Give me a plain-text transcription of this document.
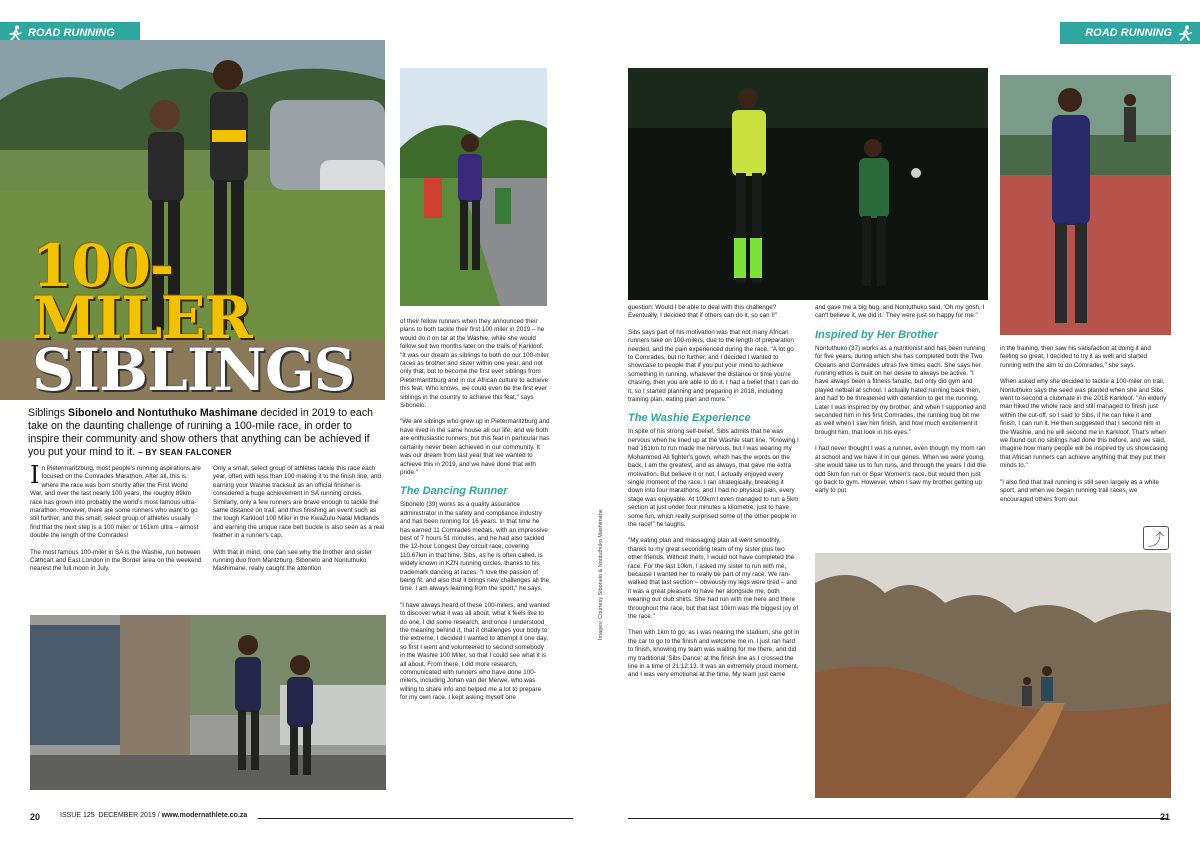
ROAD RUNNING	ROAD RUNNING
100-MILER
SIBLINGS
Siblings Sibonelo and Nontuthuko Mashimane decided in 2019 to each take on the daunting challenge of running a 100-mile race, in order to inspire their community and show others that anything can be achieved if you put your mind to it. – BY SEAN FALCONER

In Pietermaritzburg, most people's running aspirations are focused on the Comrades Marathon. After all, this is where the race was born shortly after the First World War, and over the last nearly 100 years, the roughly 89km race has grown into probably the world's most famous ultra-marathon. However, there are some runners who want to go still further, and this small, select group of athletes usually find that the next step is a 100 miler, or 161km ultra – almost double the length of the Comrades!

The most famous 100-miler in SA is the Washie, run between Cathcart and East London in the Border area on the weekend nearest the full moon in July.

Only a small, select group of athletes tackle this race each year, often with less than 100 making it to the finish line, and earning your Washie tracksuit as an official finisher is considered a huge achievement in SA running circles. Similarly, only a few runners are brave enough to tackle the same distance on trail, and thus finishing an event such as the tough Karkloof 100 Miler in the KwaZulu-Natal Midlands and earning the unique race belt buckle is also seen as a real feather in a runner's cap.

With that in mind, one can see why the brother and sister running duo from Maritzburg, Sibonelo and Nontuthuko Mashimane, really caught the attention

of their fellow runners when they announced their plans to both tackle their first 100 miler in 2019 – he would do it on tar at the Washie, while she would follow suit two months later on the trails of Karkloof. "It was our dream as siblings to both do our 100-miler races as brother and sister within one year, and not only that, but to become the first ever siblings from Pietermaritzburg and in our African culture to achieve this feat. Who knows, we could even be the first ever siblings in the country to achieve this feat," says Sibonelo.

"We are siblings who grew up in Pietermaritzburg and have lived in the same house all our life, and we both are enthusiastic runners, but this feat in particular has certainly never been achieved in our community. It was our dream from last year that we wanted to achieve this in 2019, and we have done that with pride."

The Dancing Runner

Sibonelo (39) works as a quality assurance administrator in the safety and compliance industry and has been running for 16 years. In that time he has earned 11 Comrades medals, with an impressive best of 7 hours 51 minutes, and he had also tackled the 12-hour Longest Day circuit race, covering 110.67km in that time. Sibs, as he is often called, is widely known in KZN running circles, thanks to his trademark dancing at races. "I love the passion of being fit, and also that it brings new challenges all the time. I am always learning from the sport," he says.

"I have always heard of these 100-milers, and wanted to discover what it was all about, what it feels like to do one. I did some research, and once I understood the meaning behind it, that it challenges your body to the extreme, I decided I wanted to attempt it one day, so first I went and volunteered to second somebody in the Washie 100 Miler, so that I could see what it is all about. From there, I did more research, communicated with runners who have done 100-milers, including Johan van der Merwe, who was willing to share info and helped me a lot to prepare for my own race. I kept asking myself one

20	ISSUE 125 DECEMBER 2019 / www.modernathlete.co.za
Images: Courtesy Sibonelo & Nontuthuko Mashimane

question: Would I be able to deal with this challenge? Eventually, I decided that if others can do it, so can I!"

Sibs says part of his motivation was that not many African runners take on 100-milers, due to the length of preparation needed, and the pain experienced during the race. "A lot go to Comrades, but no further, and I decided I wanted to showcase to people that if you put your mind to achieve something in running, whatever the distance or time you're chasing, then you are able to do it. I had a belief that I can do it, so I started planning and preparing in 2018, including training plan, eating plan and more."

The Washie Experience

In spite of his strong self-belief, Sibs admits that he was nervous when he lined up at the Washie start line. "Knowing I had 161km to run made me nervous, but I was wearing my Mohammed Ali fighter's gown, which has the words on the back, I am the greatest, and as always, that gave me extra motivation. But believe it or not, I actually enjoyed every single moment of the race. I ran strategically, breaking it down into four marathons, and I had no physical pain, every stage was enjoyable. At 109km I even managed to run a 5km section at just under four minutes a kilometre, just to have some fun, which really surprised some of the other people in the race!" he laughs.

"My eating plan and massaging plan all went smoothly, thanks to my great seconding team of my sister plus two other friends. Without them, I would not have completed the race. For the last 10km, I asked my sister to run with me, because I wanted her to really be part of my race. We ran-walked that last section – obviously my legs were tired – and it was a great pleasure to have her alongside me, both wearing our club shirts. She had run with me here and there throughout the race, but that last 10km was the biggest joy of the race."

Then with 1km to go, as I was nearing the stadium, she got in the car to go to the finish and welcome me in. I just ran hard to finish, knowing my team was waiting for me there, and did my traditional 'Sibs Dance' at the finish line as I crossed the line in a time of 21:12:13. It was an extremely proud moment, and I was very emotional at the time. My team just came

and gave me a big hug, and Nontuthuko said, 'Oh my gosh, I can't believe it, we did it.' They were just so happy for me."

Inspired by Her Brother

Nontuthuko (37) works as a nutritionist and has been running for five years, during which she has completed both the Two Oceans and Comrades ultras five times each. She says her running ethos is built on her desire to always be active. "I have always been a fitness fanatic, but only did gym and played netball at school. I actually hated running back then, and had to be threatened with detention to get me running. Later I was inspired by my brother, and when I supported and seconded him in his first Comrades, the running bug bit me as well when I saw him finish, and how much excitement it brought him, that look in his eyes."

I had never thought I was a runner, even though my mom ran at school and we have it in our genes. When we were young, she would take us to fun runs, and through the years I did the odd 5km fun run or Spar Women's race, but would then just go back to gym. However, when I saw my brother getting up early to put

in the training, then saw his satisfaction at doing it and feeling so great, I decided to try it as well and started running with the aim to do Comrades," she says.

When asked why she decided to tackle a 100-miler on trail, Nontuthuko says the seed was planted when she and Sibs went to second a clubmate in the 2018 Karkloof. "An elderly man hiked the whole race and still managed to finish just within the cut-off, so I said to Sibs, if he can hike it and finish, I can run it. He then suggested that I second him in the Washie, and he will second me in Karkloof. That's when we found out no siblings had done this before, and we said, imagine how many people will be inspired by us showcasing that African runners can achieve anything that they put their minds to."

"I also find that trail running is still seen largely as a white sport, and when we began running trail races, we encouraged others from our

⤴
21
